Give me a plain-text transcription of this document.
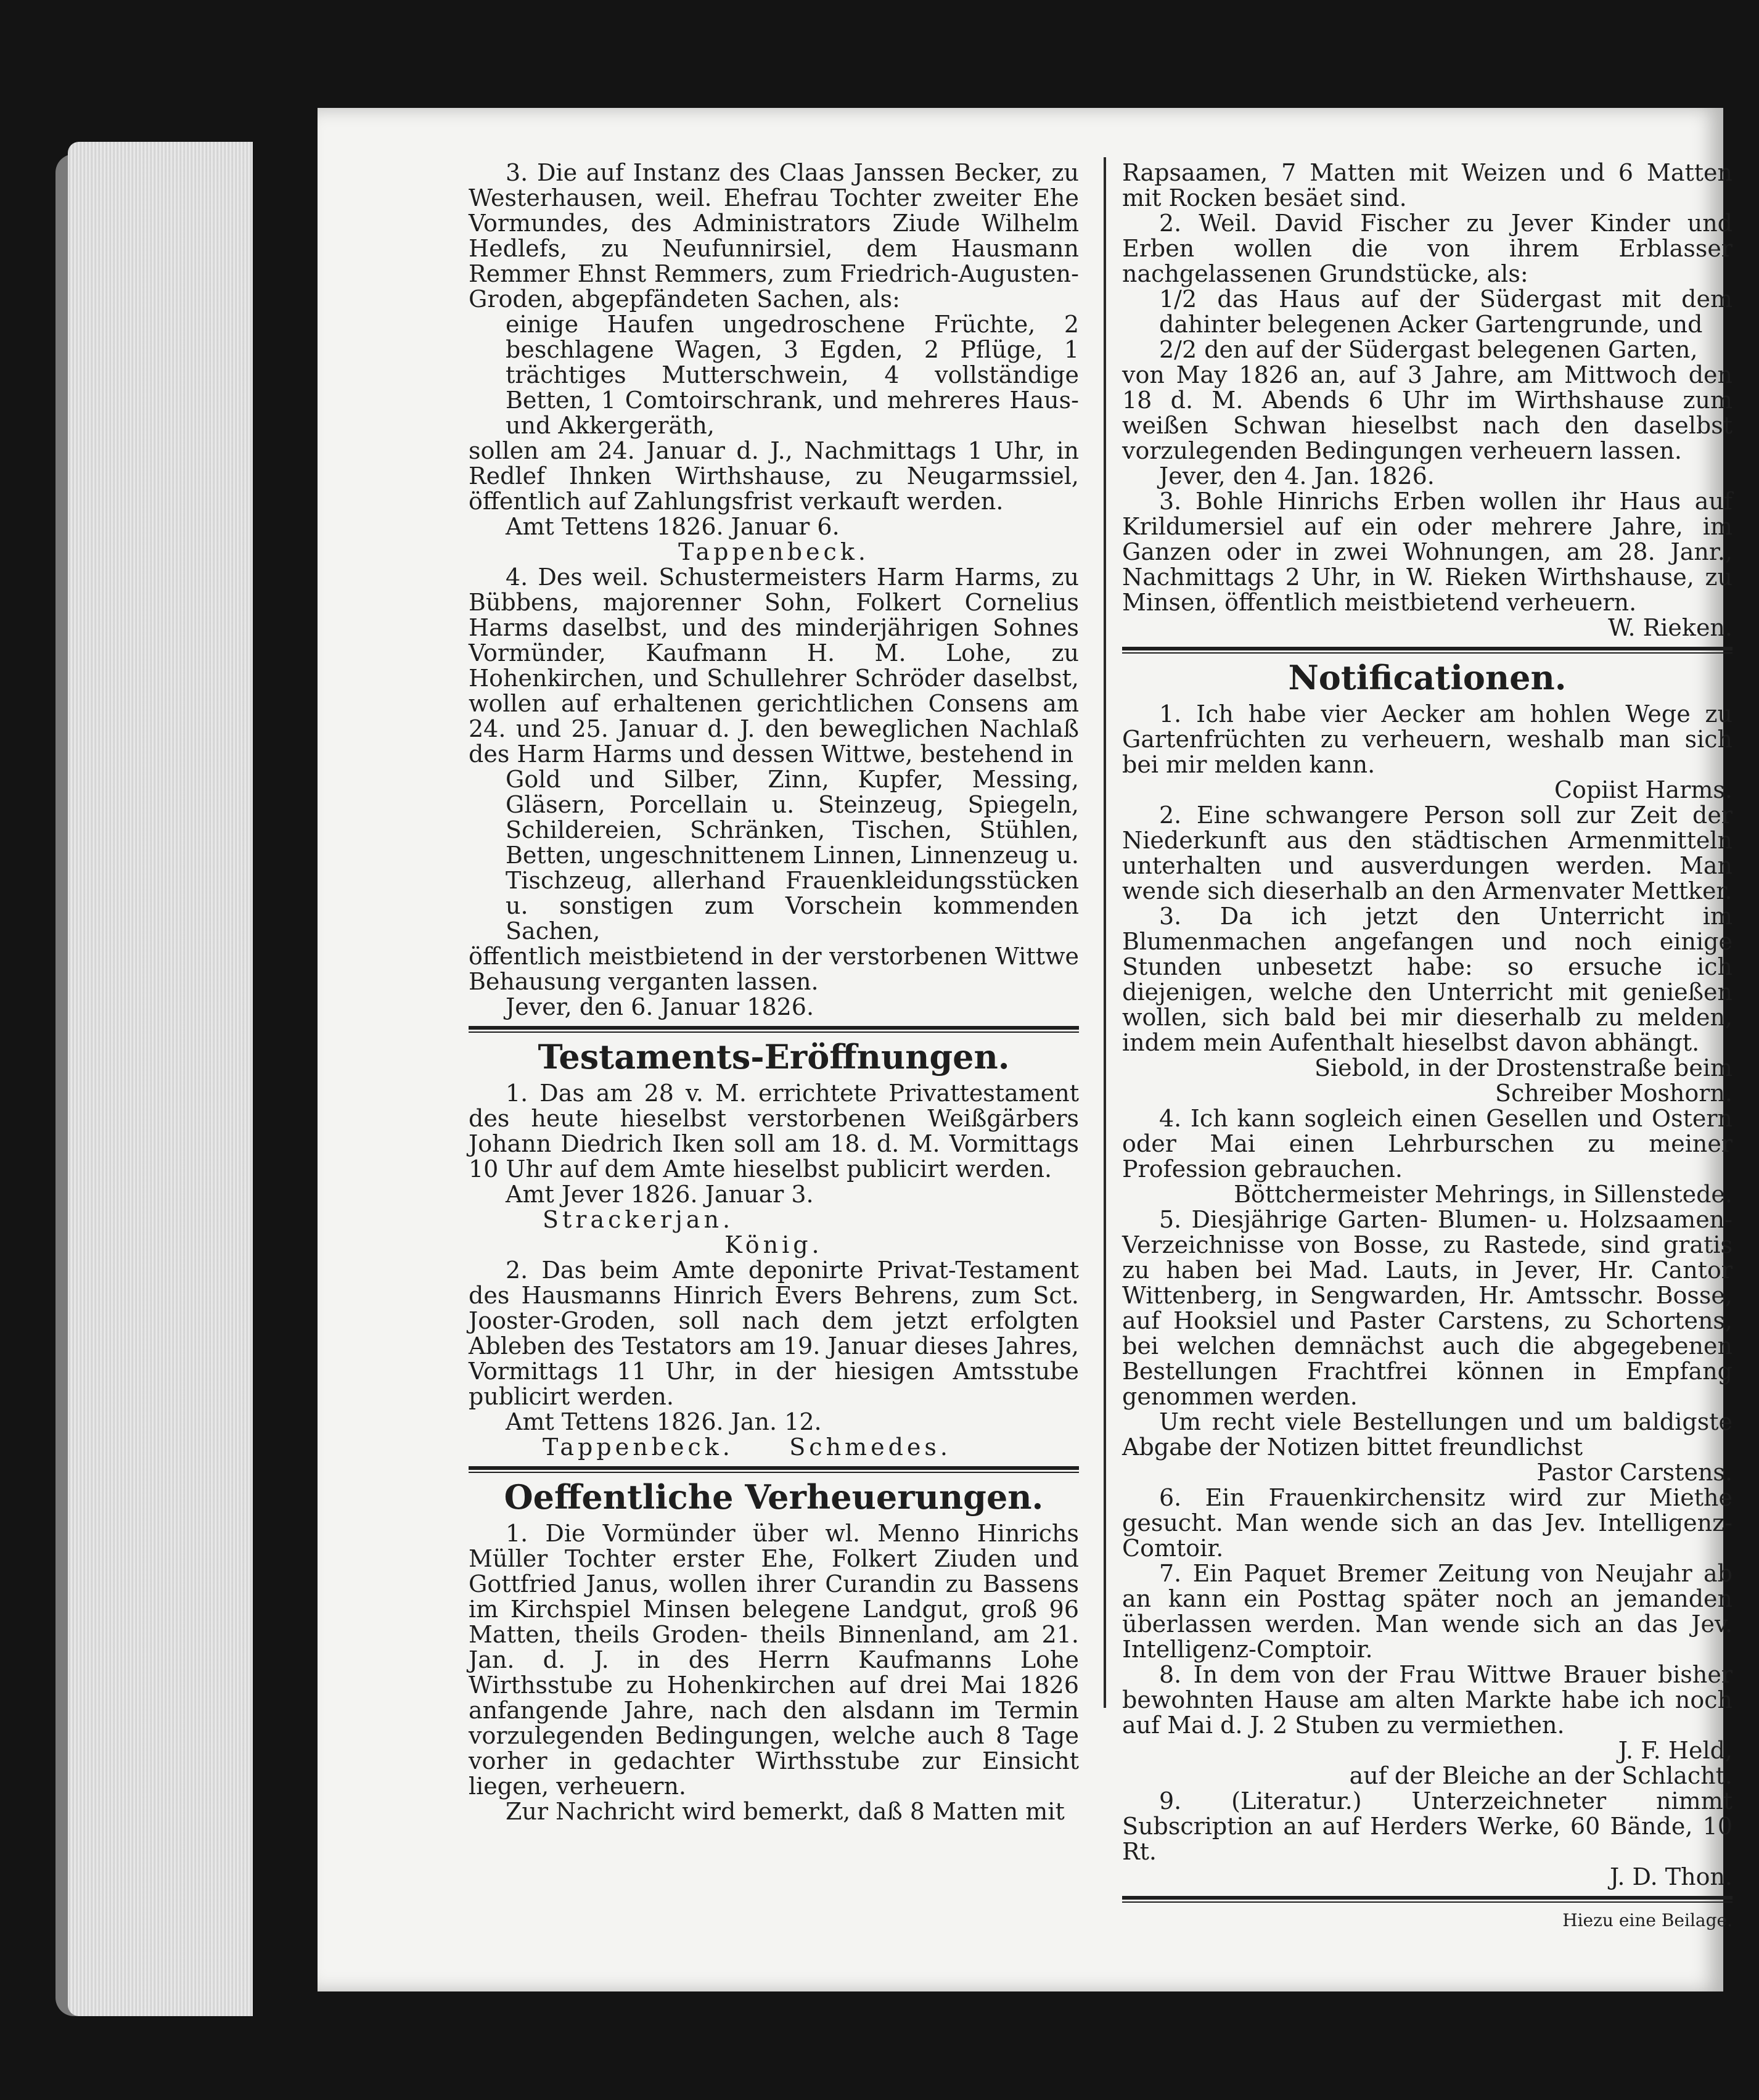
3. Die auf Instanz des Claas Janssen Becker, zu Westerhausen, weil. Ehefrau Tochter zweiter Ehe Vormundes, des Administrators Ziude Wilhelm Hedlefs, zu Neufunnirsiel, dem Hausmann Remmer Ehnst Remmers, zum Friedrich-Augusten-Groden, abgepfändeten Sachen, als:

einige Haufen ungedroschene Früchte, 2 beschlagene Wagen, 3 Egden, 2 Pflüge, 1 trächtiges Mutterschwein, 4 vollständige Betten, 1 Comtoirschrank, und mehreres Haus- und Akkergeräth,

sollen am 24. Januar d. J., Nachmittags 1 Uhr, in Redlef Ihnken Wirthshause, zu Neugarmssiel, öffentlich auf Zahlungsfrist verkauft werden.

Amt Tettens 1826. Januar 6.

Tappenbeck.

4. Des weil. Schustermeisters Harm Harms, zu Bübbens, majorenner Sohn, Folkert Cornelius Harms daselbst, und des minderjährigen Sohnes Vormünder, Kaufmann H. M. Lohe, zu Hohenkirchen, und Schullehrer Schröder daselbst, wollen auf erhaltenen gerichtlichen Consens am 24. und 25. Januar d. J. den beweglichen Nachlaß des Harm Harms und dessen Wittwe, bestehend in

Gold und Silber, Zinn, Kupfer, Messing, Gläsern, Porcellain u. Steinzeug, Spiegeln, Schildereien, Schränken, Tischen, Stühlen, Betten, ungeschnittenem Linnen, Linnenzeug u. Tischzeug, allerhand Frauenkleidungsstücken u. sonstigen zum Vorschein kommenden Sachen,

öffentlich meistbietend in der verstorbenen Wittwe Behausung verganten lassen.

Jever, den 6. Januar 1826.

Testaments-Eröffnungen.

1. Das am 28 v. M. errichtete Privattestament des heute hieselbst verstorbenen Weißgärbers Johann Diedrich Iken soll am 18. d. M. Vormittags 10 Uhr auf dem Amte hieselbst publicirt werden.

Amt Jever 1826. Januar 3.

Strackerjan.

König.

2. Das beim Amte deponirte Privat-Testament des Hausmanns Hinrich Evers Behrens, zum Sct. Jooster-Groden, soll nach dem jetzt erfolgten Ableben des Testators am 19. Januar dieses Jahres, Vormittags 11 Uhr, in der hiesigen Amtsstube publicirt werden.

Amt Tettens 1826. Jan. 12.

Tappenbeck.     Schmedes.

Oeffentliche Verheuerungen.

1. Die Vormünder über wl. Menno Hinrichs Müller Tochter erster Ehe, Folkert Ziuden und Gottfried Janus, wollen ihrer Curandin zu Bassens im Kirchspiel Minsen belegene Landgut, groß 96 Matten, theils Groden- theils Binnenland, am 21. Jan. d. J. in des Herrn Kaufmanns Lohe Wirthsstube zu Hohenkirchen auf drei Mai 1826 anfangende Jahre, nach den alsdann im Termin vorzulegenden Bedingungen, welche auch 8 Tage vorher in gedachter Wirthsstube zur Einsicht liegen, verheuern.

Zur Nachricht wird bemerkt, daß 8 Matten mit

Rapsaamen, 7 Matten mit Weizen und 6 Matten mit Rocken besäet sind.

2. Weil. David Fischer zu Jever Kinder und Erben wollen die von ihrem Erblasser nachgelassenen Grundstücke, als:

1/2 das Haus auf der Südergast mit dem dahinter belegenen Acker Gartengrunde, und

2/2 den auf der Südergast belegenen Garten,

von May 1826 an, auf 3 Jahre, am Mittwoch den 18 d. M. Abends 6 Uhr im Wirthshause zum weißen Schwan hieselbst nach den daselbst vorzulegenden Bedingungen verheuern lassen.

Jever, den 4. Jan. 1826.

3. Bohle Hinrichs Erben wollen ihr Haus auf Krildumersiel auf ein oder mehrere Jahre, im Ganzen oder in zwei Wohnungen, am 28. Janr., Nachmittags 2 Uhr, in W. Rieken Wirthshause, zu Minsen, öffentlich meistbietend verheuern.

W. Rieken.

Notificationen.

1. Ich habe vier Aecker am hohlen Wege zu Gartenfrüchten zu verheuern, weshalb man sich bei mir melden kann.

Copiist Harms.

2. Eine schwangere Person soll zur Zeit der Niederkunft aus den städtischen Armenmitteln unterhalten und ausverdungen werden. Man wende sich dieserhalb an den Armenvater Mettker.

3. Da ich jetzt den Unterricht im Blumenmachen angefangen und noch einige Stunden unbesetzt habe: so ersuche ich diejenigen, welche den Unterricht mit genießen wollen, sich bald bei mir dieserhalb zu melden, indem mein Aufenthalt hieselbst davon abhängt.

Siebold, in der Drostenstraße beim

Schreiber Moshorn.

4. Ich kann sogleich einen Gesellen und Ostern oder Mai einen Lehrburschen zu meiner Profession gebrauchen.

Böttchermeister Mehrings, in Sillenstede.

5. Diesjährige Garten- Blumen- u. Holzsaamen-Verzeichnisse von Bosse, zu Rastede, sind gratis zu haben bei Mad. Lauts, in Jever, Hr. Cantor Wittenberg, in Sengwarden, Hr. Amtsschr. Bosse, auf Hooksiel und Paster Carstens, zu Schortens, bei welchen demnächst auch die abgegebenen Bestellungen Frachtfrei können in Empfang genommen werden.

Um recht viele Bestellungen und um baldigste Abgabe der Notizen bittet freundlichst

Pastor Carstens.

6. Ein Frauenkirchensitz wird zur Miethe gesucht. Man wende sich an das Jev. Intelligenz-Comtoir.

7. Ein Paquet Bremer Zeitung von Neujahr ab an kann ein Posttag später noch an jemanden überlassen werden. Man wende sich an das Jev. Intelligenz-Comptoir.

8. In dem von der Frau Wittwe Brauer bisher bewohnten Hause am alten Markte habe ich noch auf Mai d. J. 2 Stuben zu vermiethen.

J. F. Held,

auf der Bleiche an der Schlacht.

9. (Literatur.) Unterzeichneter nimmt Subscription an auf Herders Werke, 60 Bände, 10 Rt.

J. D. Thon.

Hiezu eine Beilage.
